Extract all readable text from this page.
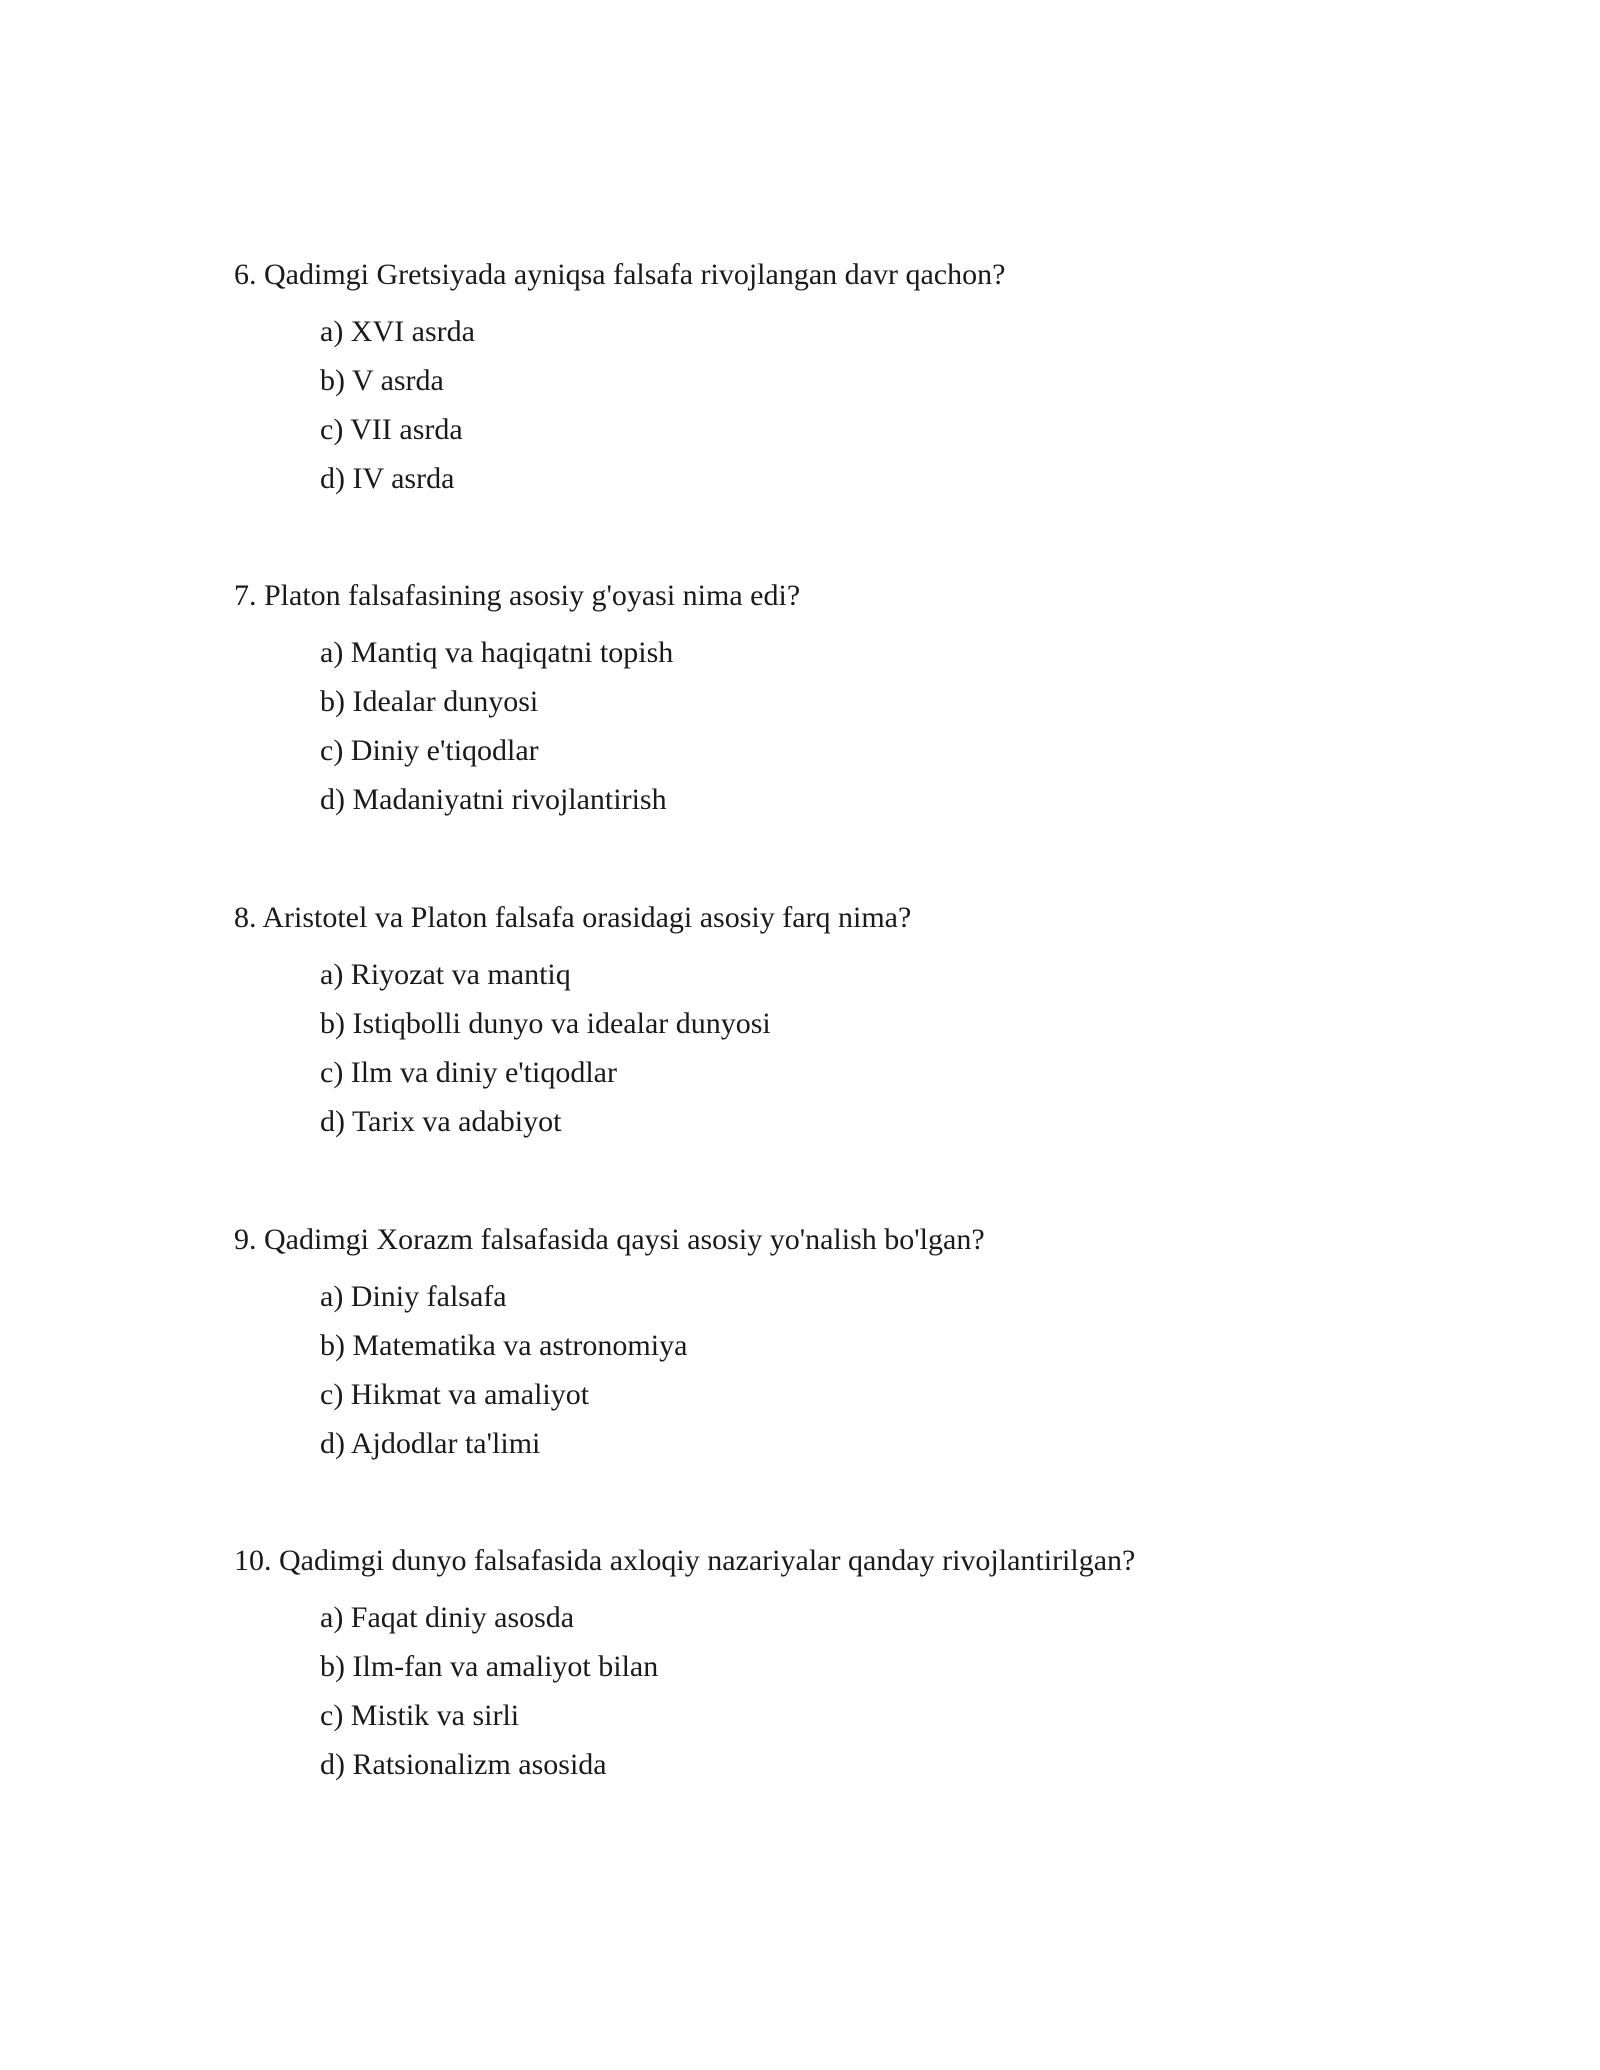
6. Qadimgi Gretsiyada ayniqsa falsafa rivojlangan davr qachon?
a) XVI asrda
b) V asrda
c) VII asrda
d) IV asrda
7. Platon falsafasining asosiy g'oyasi nima edi?
a) Mantiq va haqiqatni topish
b) Idealar dunyosi
c) Diniy e'tiqodlar
d) Madaniyatni rivojlantirish
8. Aristotel va Platon falsafa orasidagi asosiy farq nima?
a) Riyozat va mantiq
b) Istiqbolli dunyo va idealar dunyosi
c) Ilm va diniy e'tiqodlar
d) Tarix va adabiyot
9. Qadimgi Xorazm falsafasida qaysi asosiy yo'nalish bo'lgan?
a) Diniy falsafa
b) Matematika va astronomiya
c) Hikmat va amaliyot
d) Ajdodlar ta'limi
10. Qadimgi dunyo falsafasida axloqiy nazariyalar qanday rivojlantirilgan?
a) Faqat diniy asosda
b) Ilm-fan va amaliyot bilan
c) Mistik va sirli
d) Ratsionalizm asosida
